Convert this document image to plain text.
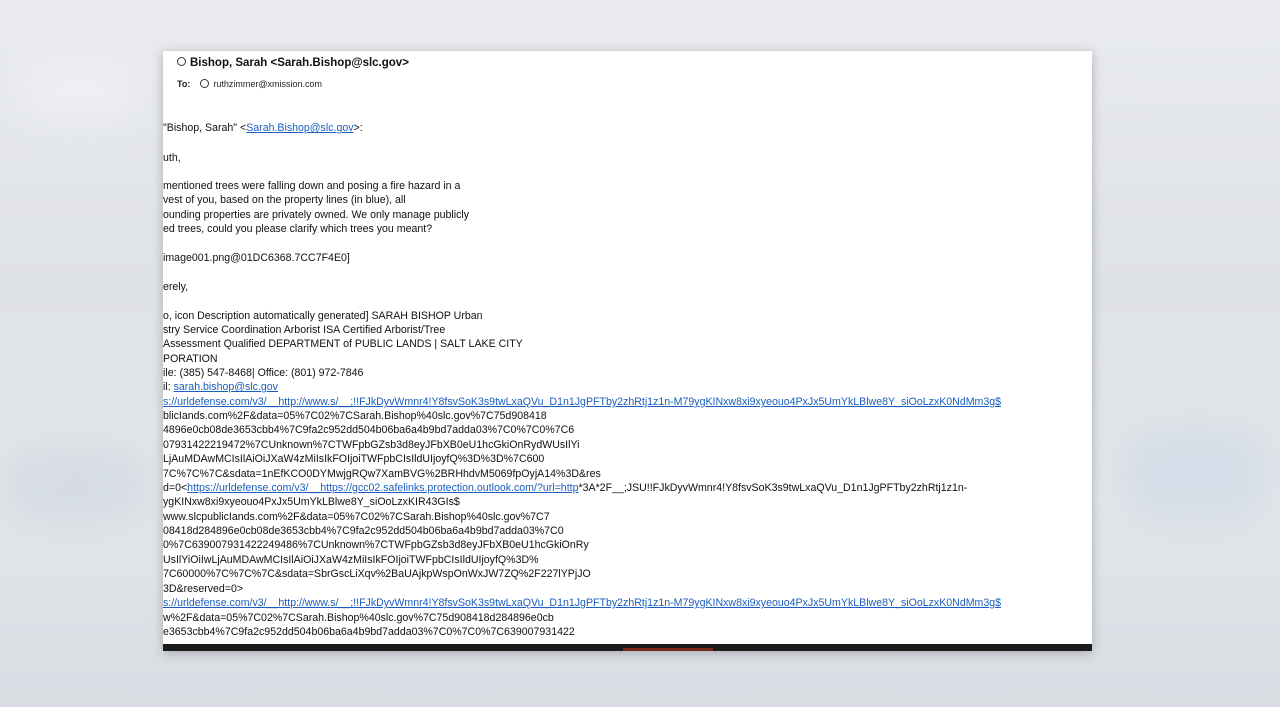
Bishop, Sarah <Sarah.Bishop@slc.gov>
To:	ruthzimmer@xmission.com
"Bishop, Sarah" <Sarah.Bishop@slc.gov>:
uth,
mentioned trees were falling down and posing a fire hazard in a
vest of you, based on the property lines (in blue), all
ounding properties are privately owned. We only manage publicly
ed trees, could you please clarify which trees you meant?
image001.png@01DC6368.7CC7F4E0]
erely,
o, icon Description automatically generated] SARAH BISHOP Urban
stry Service Coordination Arborist ISA Certified Arborist/Tree
Assessment Qualified DEPARTMENT of PUBLIC LANDS | SALT LAKE CITY
PORATION
ile: (385) 547-8468| Office: (801) 972-7846
il: sarah.bishop@slc.gov
s://urldefense.com/v3/__http://www.s/__;!!FJkDyvWmnr4!Y8fsvSoK3s9twLxaQVu_D1n1JgPFTby2zhRtj1z1n-M79ygKINxw8xi9xyeouo4PxJx5UmYkLBlwe8Y_siOoLzxK0NdMm3g$
blicIands.com%2F&data=05%7C02%7CSarah.Bishop%40slc.gov%7C75d908418
4896e0cb08de3653cbb4%7C9fa2c952dd504b06ba6a4b9bd7adda03%7C0%7C0%7C6
07931422219472%7CUnknown%7CTWFpbGZsb3d8eyJFbXB0eU1hcGkiOnRydWUsIlYi
LjAuMDAwMCIsIlAiOiJXaW4zMiIsIkFOIjoiTWFpbCIsIldUIjoyfQ%3D%3D%7C600
7C%7C%7C&sdata=1nEfKCO0DYMwjgRQw7XamBVG%2BRHhdvM5069fpOyjA14%3D&res
d=0<https://urldefense.com/v3/__https://gcc02.safelinks.protection.outlook.com/?url=http*3A*2F__;JSU!!FJkDyvWmnr4!Y8fsvSoK3s9twLxaQVu_D1n1JgPFTby2zhRtj1z1n-
ygKINxw8xi9xyeouo4PxJx5UmYkLBlwe8Y_siOoLzxKIR43GIs$
www.slcpublicIands.com%2F&data=05%7C02%7CSarah.Bishop%40slc.gov%7C7
08418d284896e0cb08de3653cbb4%7C9fa2c952dd504b06ba6a4b9bd7adda03%7C0
0%7C639007931422249486%7CUnknown%7CTWFpbGZsb3d8eyJFbXB0eU1hcGkiOnRy
UsIlYiOiIwLjAuMDAwMCIsIlAiOiJXaW4zMiIsIkFOIjoiTWFpbCIsIldUIjoyfQ%3D%
7C60000%7C%7C%7C&sdata=SbrGscLiXqv%2BaUAjkpWspOnWxJW7ZQ%2F227lYPjJO
3D&reserved=0>
s://urldefense.com/v3/__http://www.s/__;!!FJkDyvWmnr4!Y8fsvSoK3s9twLxaQVu_D1n1JgPFTby2zhRtj1z1n-M79ygKINxw8xi9xyeouo4PxJx5UmYkLBlwe8Y_siOoLzxK0NdMm3g$
w%2F&data=05%7C02%7CSarah.Bishop%40slc.gov%7C75d908418d284896e0cb
e3653cbb4%7C9fa2c952dd504b06ba6a4b9bd7adda03%7C0%7C0%7C639007931422
